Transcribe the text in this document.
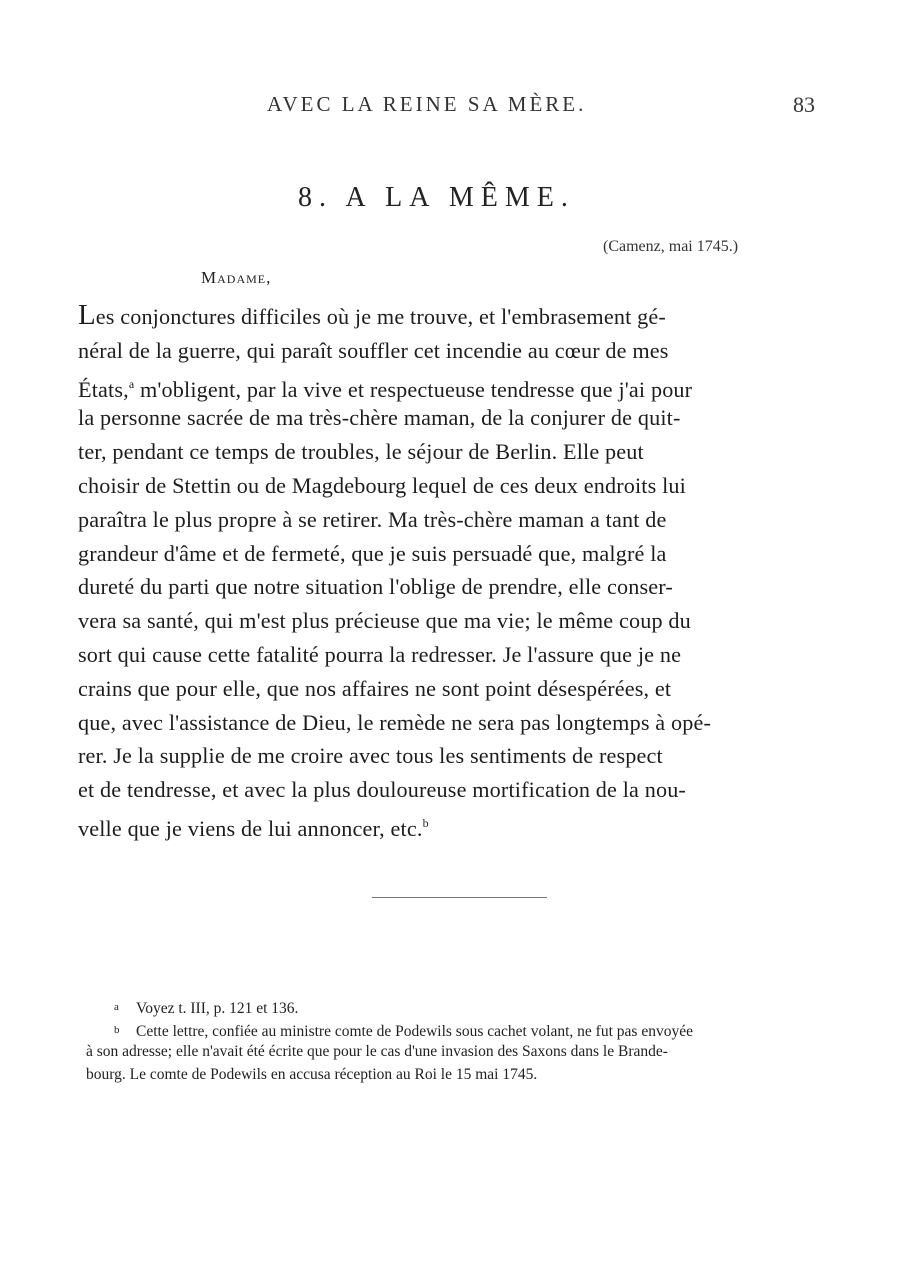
AVEC LA REINE SA MÈRE.	83
8. A LA MÊME.
(Camenz, mai 1745.)
Madame,
Les conjonctures difficiles où je me trouve, et l'embrasement gé-
néral de la guerre, qui paraît souffler cet incendie au cœur de mes
États,$^a$ m'obligent, par la vive et respectueuse tendresse que j'ai pour
la personne sacrée de ma très-chère maman, de la conjurer de quit-
ter, pendant ce temps de troubles, le séjour de Berlin. Elle peut
choisir de Stettin ou de Magdebourg lequel de ces deux endroits lui
paraîtra le plus propre à se retirer. Ma très-chère maman a tant de
grandeur d'âme et de fermeté, que je suis persuadé que, malgré la
dureté du parti que notre situation l'oblige de prendre, elle conser-
vera sa santé, qui m'est plus précieuse que ma vie; le même coup du
sort qui cause cette fatalité pourra la redresser. Je l'assure que je ne
crains que pour elle, que nos affaires ne sont point désespérées, et
que, avec l'assistance de Dieu, le remède ne sera pas longtemps à opé-
rer. Je la supplie de me croire avec tous les sentiments de respect
et de tendresse, et avec la plus douloureuse mortification de la nou-
velle que je viens de lui annoncer, etc.$^b$
a Voyez t. III, p. 121 et 136.
b Cette lettre, confiée au ministre comte de Podewils sous cachet volant, ne fut pas envoyée
à son adresse; elle n'avait été écrite que pour le cas d'une invasion des Saxons dans le Brande-
bourg. Le comte de Podewils en accusa réception au Roi le 15 mai 1745.
